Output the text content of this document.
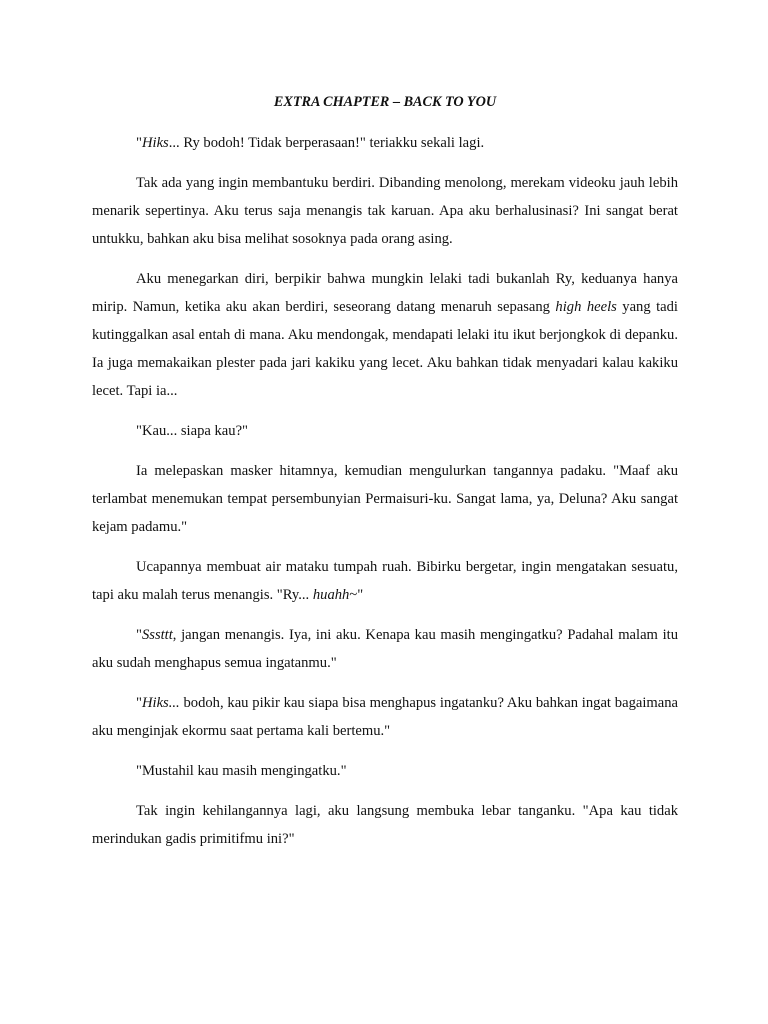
EXTRA CHAPTER – BACK TO YOU

"Hiks... Ry bodoh! Tidak berperasaan!" teriakku sekali lagi.

Tak ada yang ingin membantuku berdiri. Dibanding menolong, merekam videoku jauh lebih menarik sepertinya. Aku terus saja menangis tak karuan. Apa aku berhalusinasi? Ini sangat berat untukku, bahkan aku bisa melihat sosoknya pada orang asing.

Aku menegarkan diri, berpikir bahwa mungkin lelaki tadi bukanlah Ry, keduanya hanya mirip. Namun, ketika aku akan berdiri, seseorang datang menaruh sepasang high heels yang tadi kutinggalkan asal entah di mana. Aku mendongak, mendapati lelaki itu ikut berjongkok di depanku. Ia juga memakaikan plester pada jari kakiku yang lecet. Aku bahkan tidak menyadari kalau kakiku lecet. Tapi ia...

"Kau... siapa kau?"

Ia melepaskan masker hitamnya, kemudian mengulurkan tangannya padaku. "Maaf aku terlambat menemukan tempat persembunyian Permaisuri-ku. Sangat lama, ya, Deluna? Aku sangat kejam padamu."

Ucapannya membuat air mataku tumpah ruah. Bibirku bergetar, ingin mengatakan sesuatu, tapi aku malah terus menangis. "Ry... huahh~"

"Sssttt, jangan menangis. Iya, ini aku. Kenapa kau masih mengingatku? Padahal malam itu aku sudah menghapus semua ingatanmu."

"Hiks... bodoh, kau pikir kau siapa bisa menghapus ingatanku? Aku bahkan ingat bagaimana aku menginjak ekormu saat pertama kali bertemu."

"Mustahil kau masih mengingatku."

Tak ingin kehilangannya lagi, aku langsung membuka lebar tanganku. "Apa kau tidak merindukan gadis primitifmu ini?"
